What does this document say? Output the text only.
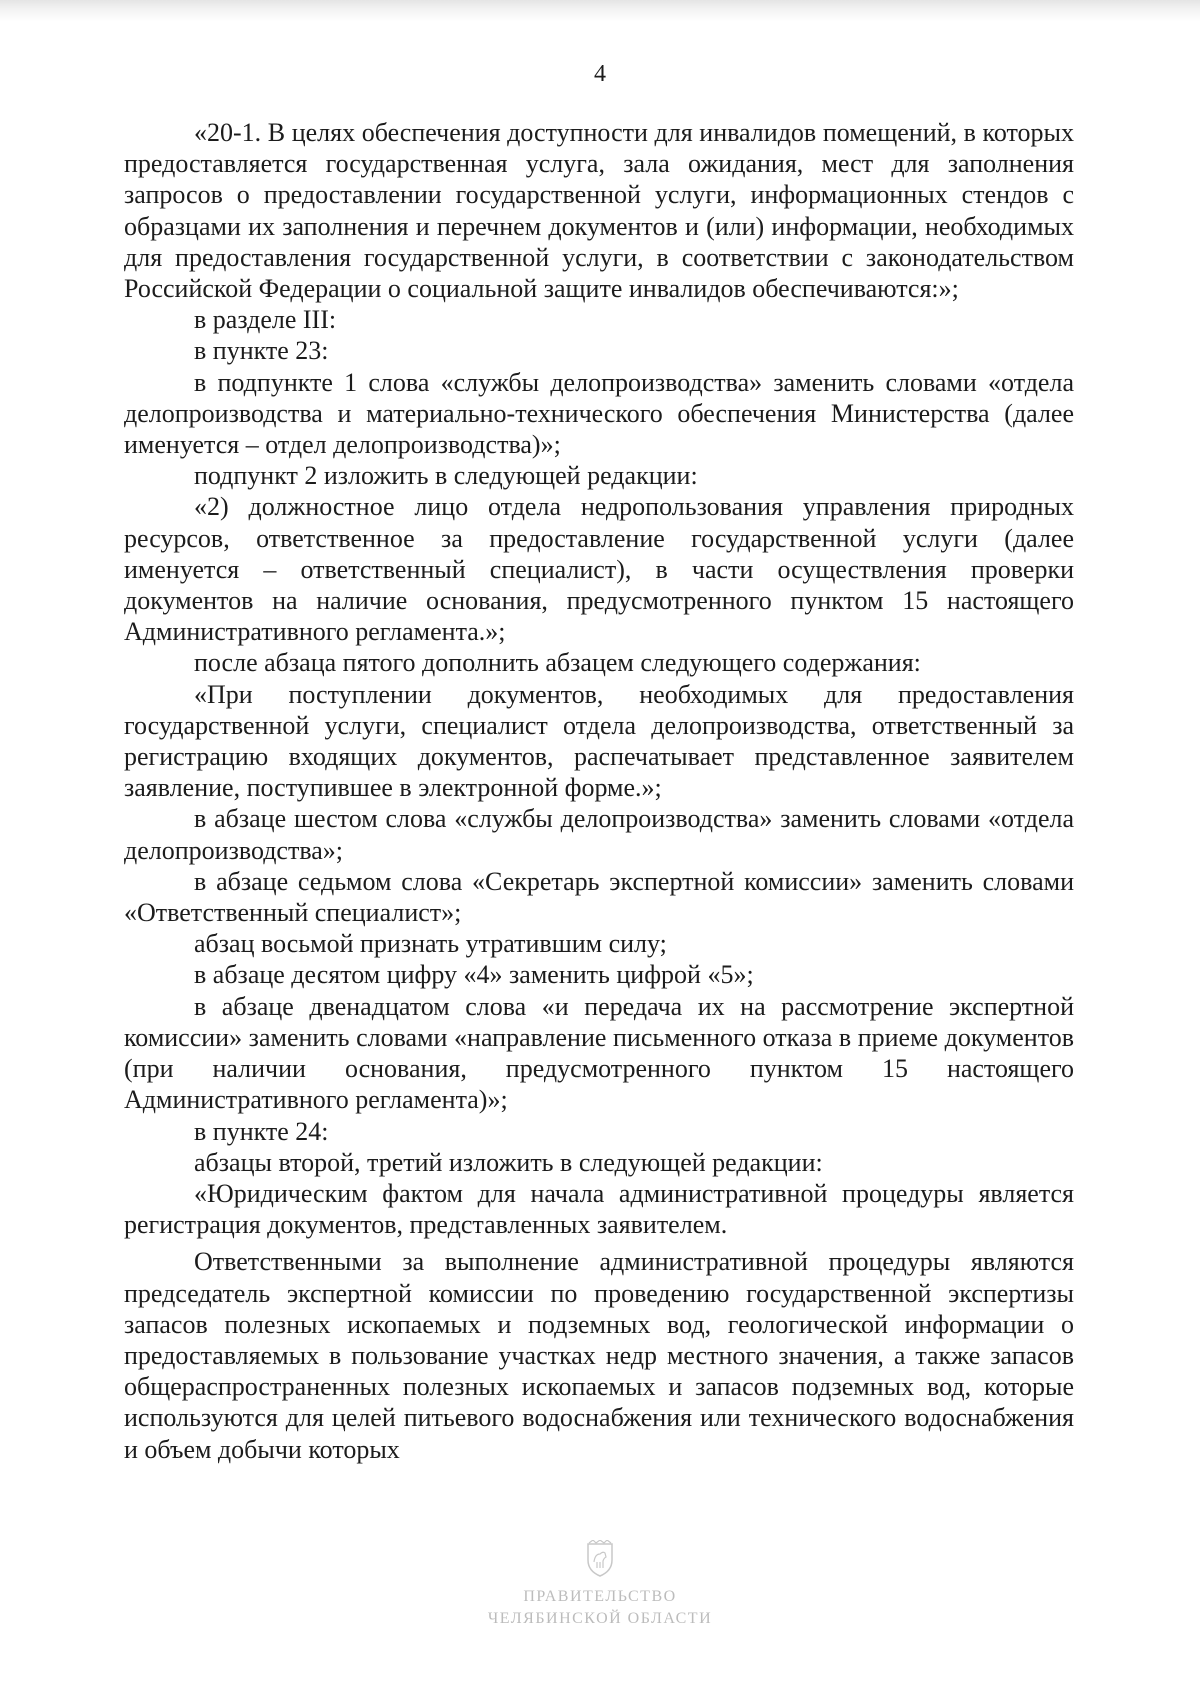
4

«20-1. В целях обеспечения доступности для инвалидов помещений, в которых предоставляется государственная услуга, зала ожидания, мест для заполнения запросов о предоставлении государственной услуги, информационных стендов с образцами их заполнения и перечнем документов и (или) информации, необходимых для предоставления государственной услуги, в соответствии с законодательством Российской Федерации о социальной защите инвалидов обеспечиваются:»;

в разделе III:

в пункте 23:

в подпункте 1 слова «службы делопроизводства» заменить словами «отдела делопроизводства и материально-технического обеспечения Министерства (далее именуется – отдел делопроизводства)»;

подпункт 2 изложить в следующей редакции:

«2) должностное лицо отдела недропользования управления природных ресурсов, ответственное за предоставление государственной услуги (далее именуется – ответственный специалист), в части осуществления проверки документов на наличие основания, предусмотренного пунктом 15 настоящего Административного регламента.»;

после абзаца пятого дополнить абзацем следующего содержания:

«При поступлении документов, необходимых для предоставления государственной услуги, специалист отдела делопроизводства, ответственный за регистрацию входящих документов, распечатывает представленное заявителем заявление, поступившее в электронной форме.»;

в абзаце шестом слова «службы делопроизводства» заменить словами «отдела делопроизводства»;

в абзаце седьмом слова «Секретарь экспертной комиссии» заменить словами «Ответственный специалист»;

абзац восьмой признать утратившим силу;

в абзаце десятом цифру «4» заменить цифрой «5»;

в абзаце двенадцатом слова «и передача их на рассмотрение экспертной комиссии» заменить словами «направление письменного отказа в приеме документов (при наличии основания, предусмотренного пунктом 15 настоящего Административного регламента)»;

в пункте 24:

абзацы второй, третий изложить в следующей редакции:

«Юридическим фактом для начала административной процедуры является регистрация документов, представленных заявителем.

Ответственными за выполнение административной процедуры являются председатель экспертной комиссии по проведению государственной экспертизы запасов полезных ископаемых и подземных вод, геологической информации о предоставляемых в пользование участках недр местного значения, а также запасов общераспространенных полезных ископаемых и запасов подземных вод, которые используются для целей питьевого водоснабжения или технического водоснабжения и объем добычи которых

ПРАВИТЕЛЬСТВО
ЧЕЛЯБИНСКОЙ ОБЛАСТИ
